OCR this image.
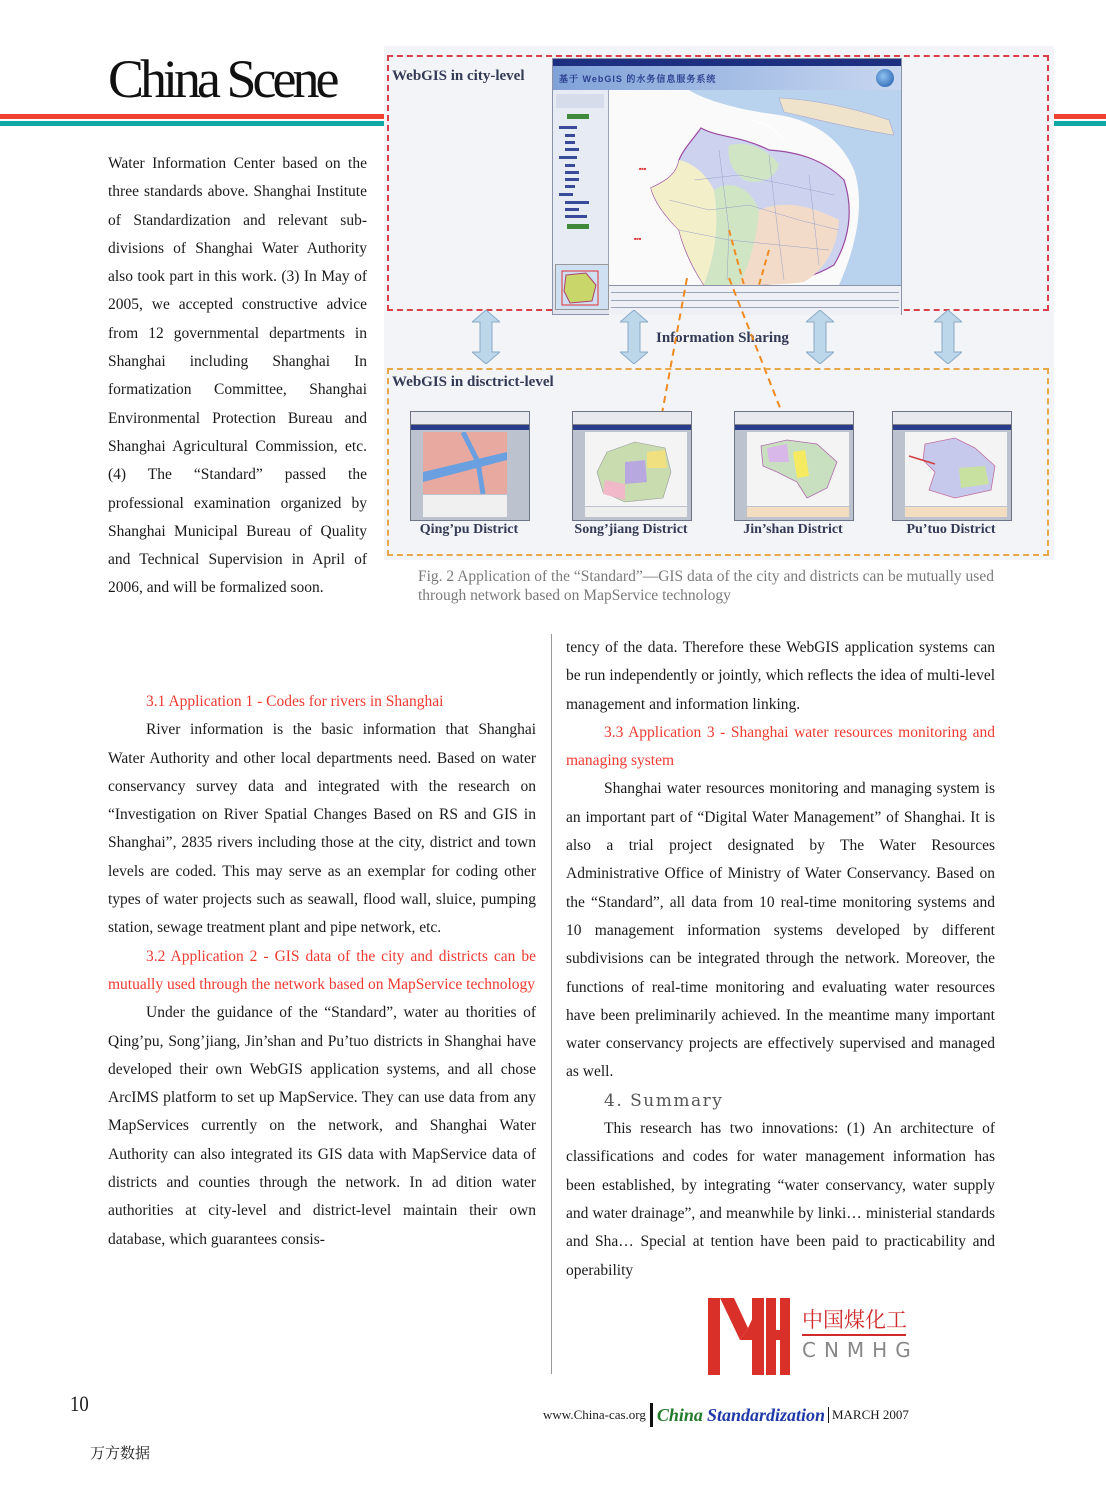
China Scene	WebGIS in city-level	基于 WebGIS 的水务信息服务系统
■■■
■■■
Information Sharing
WebGIS in disctrict-level
Qing’pu District	Song’jiang District	Jin’shan District	Pu’tuo District
Fig. 2 Application of the “Standard”—GIS data of the city and districts can be mutually used through network based on MapService technology

Water Information Center based on the three standards above. Shanghai Institute of Standardization and relevant sub-divisions of Shanghai Water Authority also took part in this work. (3) In May of 2005, we accepted constructive advice from 12 governmental departments in Shanghai including Shanghai In formatization Committee, Shanghai Environmental Protection Bureau and Shanghai Agricultural Commission, etc. (4) The “Standard” passed the professional examination organized by Shanghai Municipal Bureau of Quality and Technical Supervision in April of 2006, and will be formalized soon.

3.1 Application 1 - Codes for rivers in Shanghai

River information is the basic information that Shanghai Water Authority and other local departments need. Based on water conservancy survey data and integrated with the research on “Investigation on River Spatial Changes Based on RS and GIS in Shanghai”, 2835 rivers including those at the city, district and town levels are coded. This may serve as an exemplar for coding other types of water projects such as seawall, flood wall, sluice, pumping station, sewage treatment plant and pipe network, etc.

3.2 Application 2 - GIS data of the city and districts can be mutually used through the network based on MapService technology

Under the guidance of the “Standard”, water au thorities of Qing’pu, Song’jiang, Jin’shan and Pu’tuo districts in Shanghai have developed their own WebGIS application systems, and all chose ArcIMS platform to set up MapService. They can use data from any MapServices currently on the network, and Shanghai Water Authority can also integrated its GIS data with MapService data of districts and counties through the network. In ad dition water authorities at city-level and district-level maintain their own database, which guarantees consis-

tency of the data. Therefore these WebGIS application systems can be run independently or jointly, which reflects the idea of multi-level management and information linking.

3.3 Application 3 - Shanghai water resources monitoring and managing system

Shanghai water resources monitoring and managing system is an important part of “Digital Water Management” of Shanghai. It is also a trial project designated by The Water Resources Administrative Office of Ministry of Water Conservancy. Based on the “Standard”, all data from 10 real-time monitoring systems and 10 management information systems developed by different subdivisions can be integrated through the network. Moreover, the functions of real-time monitoring and evaluating water resources have been preliminarily achieved. In the meantime many important water conservancy projects are effectively supervised and managed as well.

4. Summary

This research has two innovations: (1) An architecture of classifications and codes for water management information has been established, by integrating “water conservancy, water supply and water drainage”, and meanwhile by linki… ministerial standards and Sha… Special at tention have been paid to practicability and operability

中国煤化工
CNMHG
10	www.China-cas.org China Standardization MARCH 2007
万方数据
